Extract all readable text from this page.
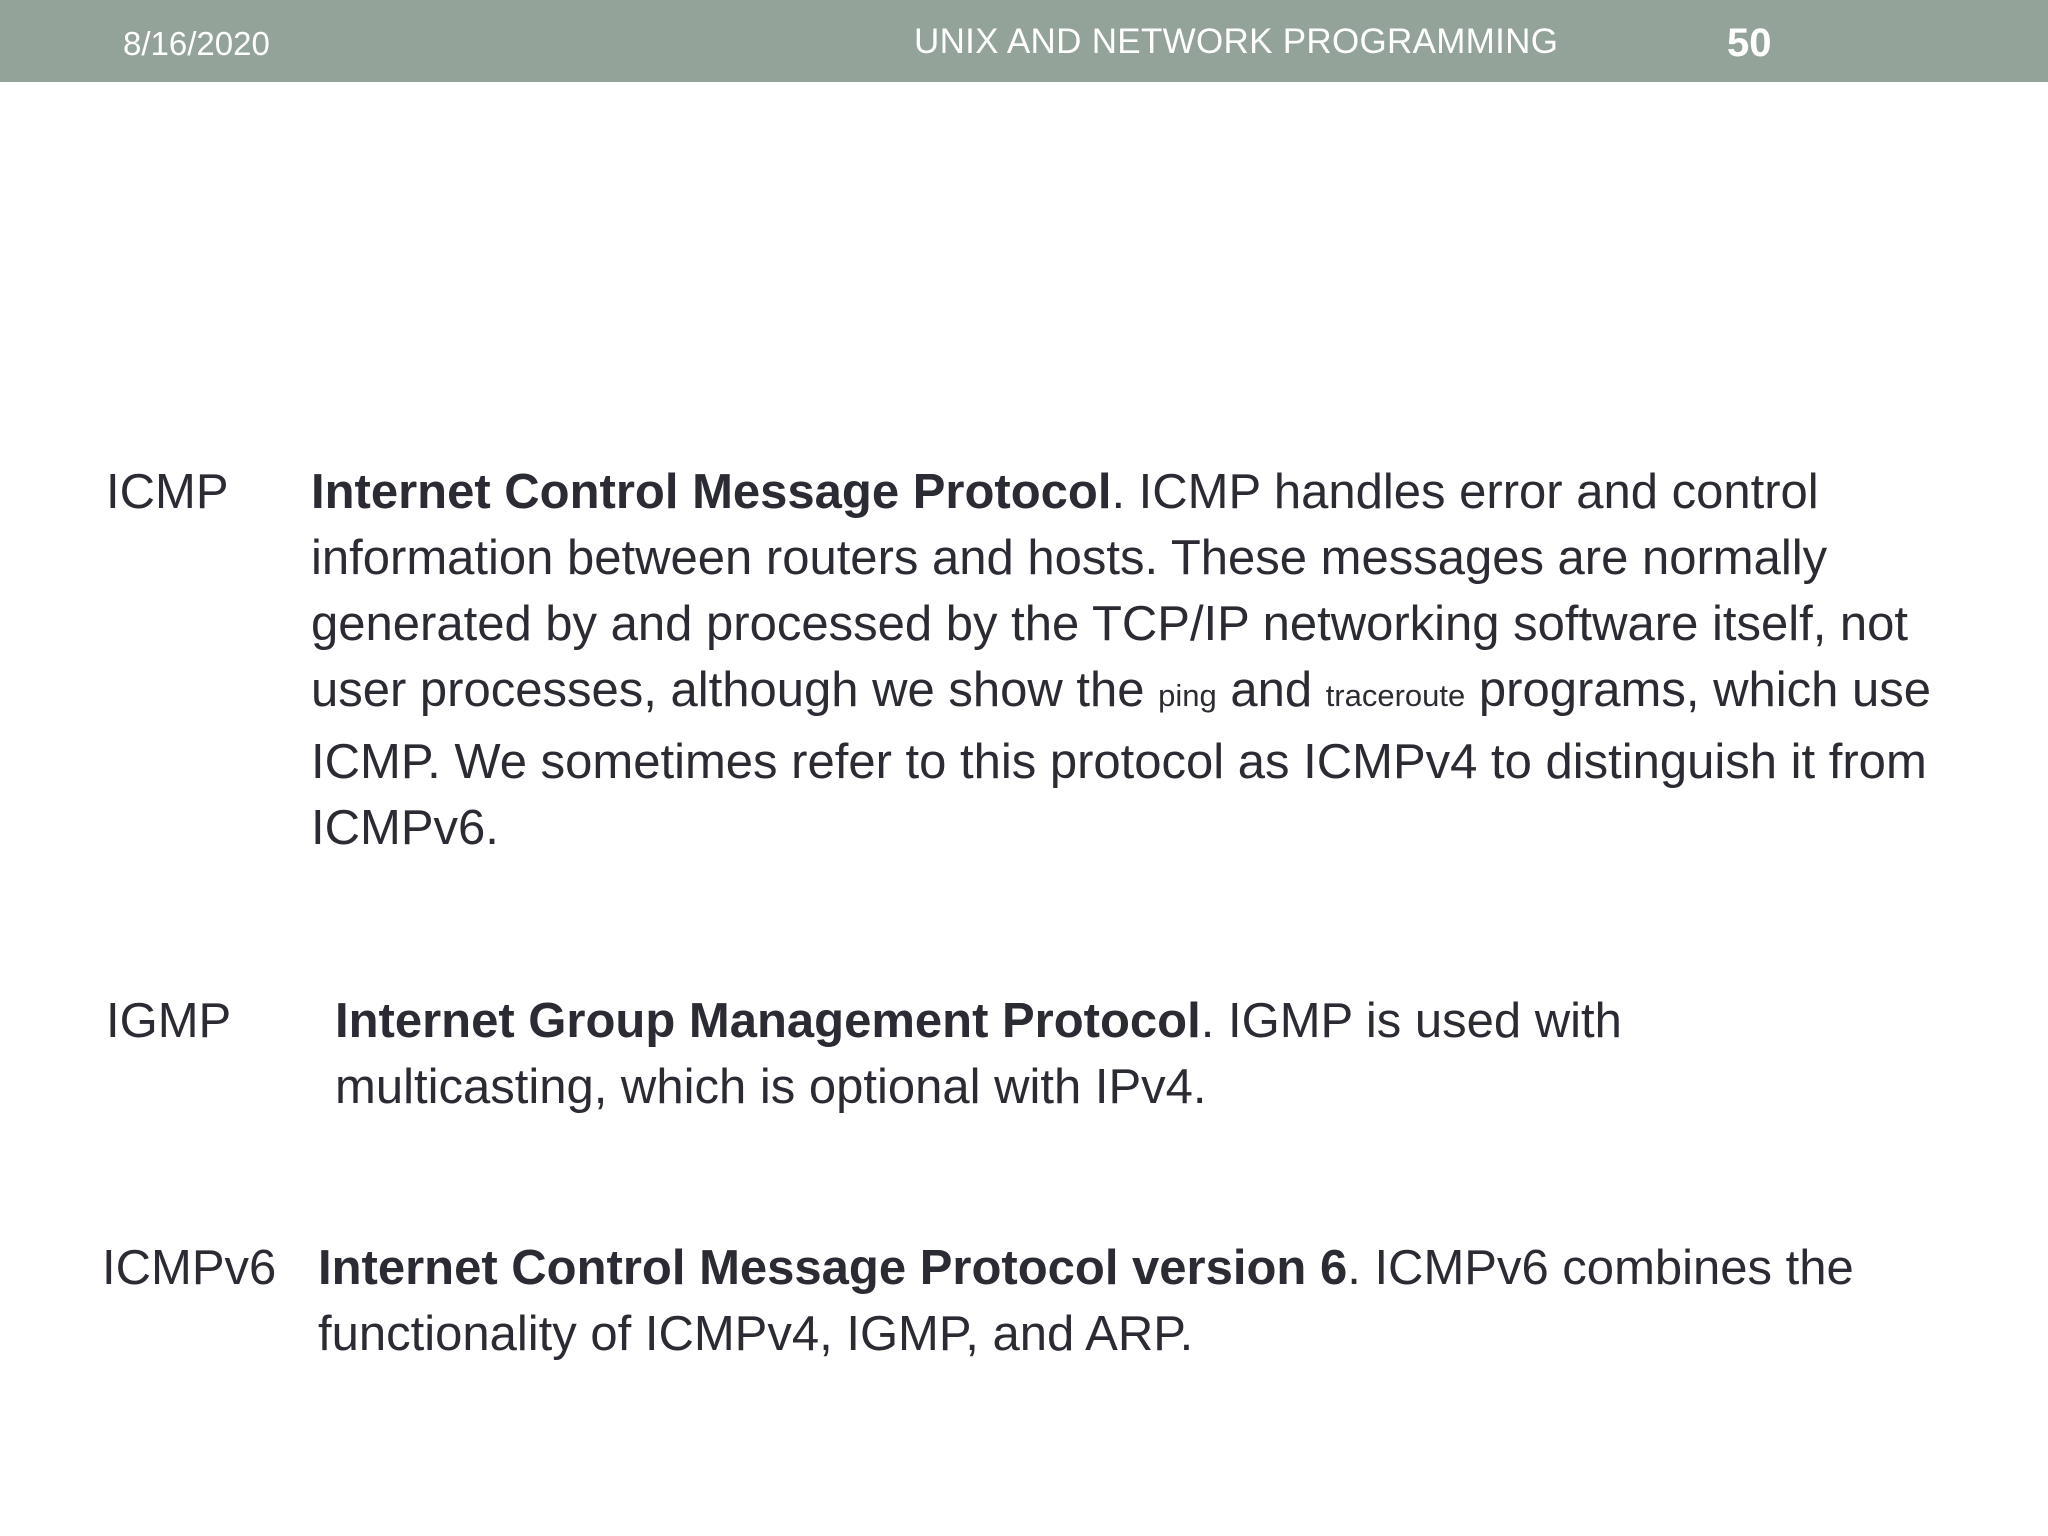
8/16/2020	UNIX AND NETWORK PROGRAMMING	50
ICMP Internet Control Message Protocol. ICMP handles error and control information between routers and hosts. These messages are normally generated by and processed by the TCP/IP networking software itself, not user processes, although we show the ping and traceroute programs, which use ICMP. We sometimes refer to this protocol as ICMPv4 to distinguish it from ICMPv6.

IGMP Internet Group Management Protocol. IGMP is used with multicasting, which is optional with IPv4.

ICMPv6 Internet Control Message Protocol version 6. ICMPv6 combines the functionality of ICMPv4, IGMP, and ARP.
